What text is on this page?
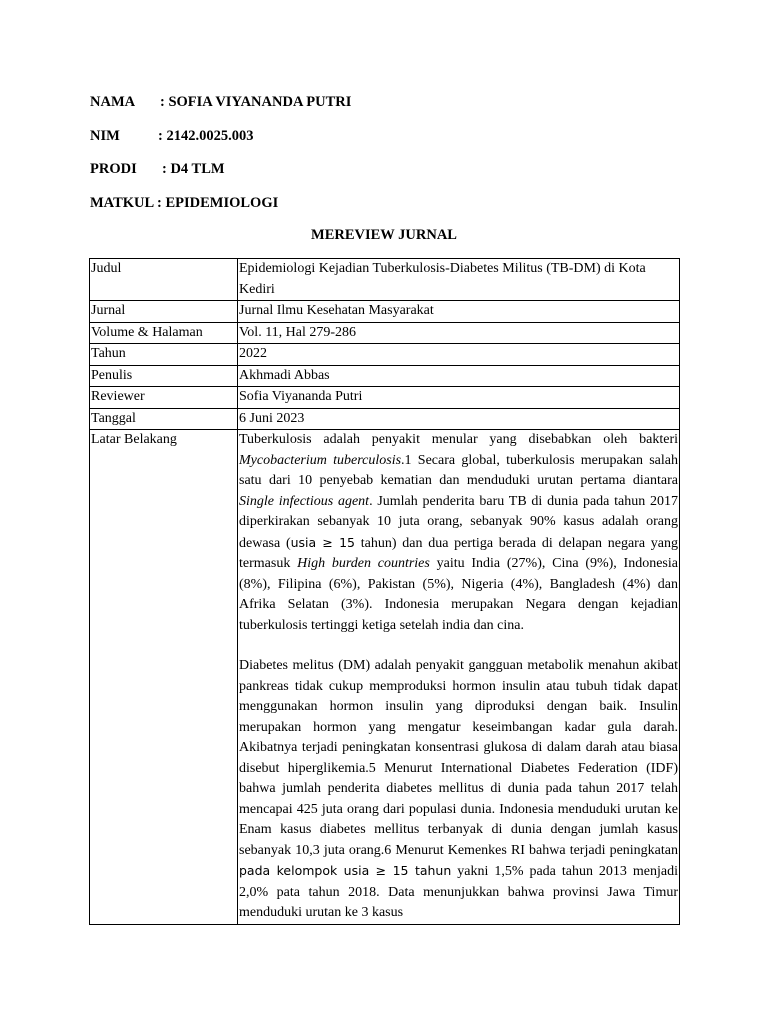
NAMA : SOFIA VIYANANDA PUTRI
NIM	: 2142.0025.003
PRODI : D4 TLM
MATKUL : EPIDEMIOLOGI
MEREVIEW JURNAL
Judul	Epidemiologi Kejadian Tuberkulosis-Diabetes Militus (TB-DM) di Kota Kediri
Jurnal	Jurnal Ilmu Kesehatan Masyarakat
Volume & Halaman	Vol. 11, Hal 279-286
Tahun	2022
Penulis	Akhmadi Abbas
Reviewer	Sofia Viyananda Putri
Tanggal	6 Juni 2023
Latar Belakang	Tuberkulosis adalah penyakit menular yang disebabkan oleh bakteri Mycobacterium tuberculosis.1 Secara global, tuberkulosis merupakan salah satu dari 10 penyebab kematian dan menduduki urutan pertama diantara Single infectious agent. Jumlah penderita baru TB di dunia pada tahun 2017 diperkirakan sebanyak 10 juta orang, sebanyak 90% kasus adalah orang dewasa (usia ≥ 15 tahun) dan dua pertiga berada di delapan negara yang termasuk High burden countries yaitu India (27%), Cina (9%), Indonesia (8%), Filipina (6%), Pakistan (5%), Nigeria (4%), Bangladesh (4%) dan Afrika Selatan (3%). Indonesia merupakan Negara dengan kejadian tuberkulosis tertinggi ketiga setelah india dan cina.

Diabetes melitus (DM) adalah penyakit gangguan metabolik menahun akibat pankreas tidak cukup memproduksi hormon insulin atau tubuh tidak dapat menggunakan hormon insulin yang diproduksi dengan baik. Insulin merupakan hormon yang mengatur keseimbangan kadar gula darah. Akibatnya terjadi peningkatan konsentrasi glukosa di dalam darah atau biasa disebut hiperglikemia.5 Menurut International Diabetes Federation (IDF) bahwa jumlah penderita diabetes mellitus di dunia pada tahun 2017 telah mencapai 425 juta orang dari populasi dunia. Indonesia menduduki urutan ke Enam kasus diabetes mellitus terbanyak di dunia dengan jumlah kasus sebanyak 10,3 juta orang.6 Menurut Kemenkes RI bahwa terjadi peningkatan pada kelompok usia ≥ 15 tahun yakni 1,5% pada tahun 2013 menjadi 2,0% pata tahun 2018. Data menunjukkan bahwa provinsi Jawa Timur menduduki urutan ke 3 kasus
